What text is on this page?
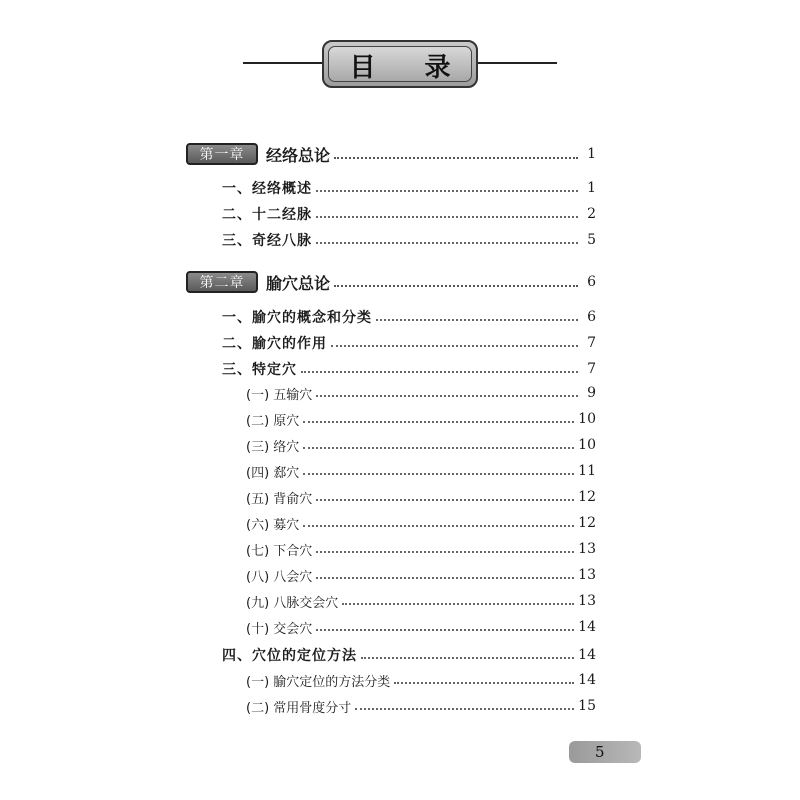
目 录
第一章	经络总论	1
一、经络概述	1
二、十二经脉	2
三、奇经八脉	5
第二章	腧穴总论	6
一、腧穴的概念和分类	6
二、腧穴的作用	7
三、特定穴	7
(一) 五输穴	9
(二) 原穴	10
(三) 络穴	10
(四) 郄穴	11
(五) 背俞穴	12
(六) 募穴	12
(七) 下合穴	13
(八) 八会穴	13
(九) 八脉交会穴	13
(十) 交会穴	14
四、穴位的定位方法	14
(一) 腧穴定位的方法分类	14
(二) 常用骨度分寸	15
5
